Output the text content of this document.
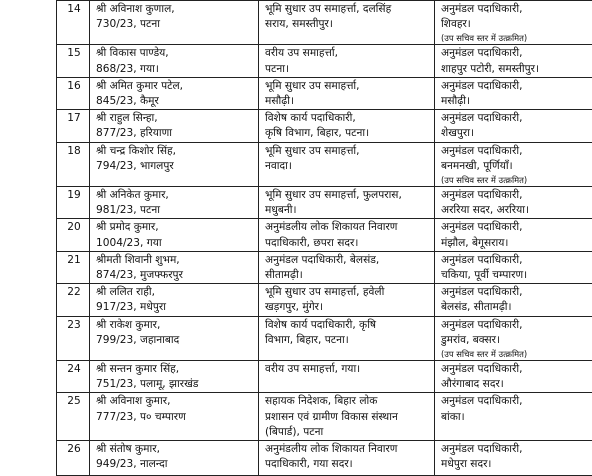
14	श्री अविनाश कुणाल,
730/23, पटना	भूमि सुधार उप समाहर्त्ता, दलसिंह
सराय, समस्तीपुर।	अनुमंडल पदाधिकारी,
शिवहर।
(उप सचिव स्तर में उत्क्रमित)

15	श्री विकास पाण्डेय,
868/23, गया।	वरीय उप समाहर्त्ता,
पटना।	अनुमंडल पदाधिकारी,
शाहपुर पटोरी, समस्तीपुर।

16	श्री अमित कुमार पटेल,
845/23, कैमूर	भूमि सुधार उप समाहर्त्ता,
मसौढ़ी।	अनुमंडल पदाधिकारी,
मसौढ़ी।

17	श्री राहुल सिन्हा,
877/23, हरियाणा	विशेष कार्य पदाधिकारी,
कृषि विभाग, बिहार, पटना।	अनुमंडल पदाधिकारी,
शेखपुरा।

18	श्री चन्द्र किशोर सिंह,
794/23, भागलपुर	भूमि सुधार उप समाहर्त्ता,
नवादा।	अनुमंडल पदाधिकारी,
बनमनखी, पूर्णियाँ।
(उप सचिव स्तर में उत्क्रमित)

19	श्री अनिकेत कुमार,
981/23, पटना	भूमि सुधार उप समाहर्त्ता, फुलपरास,
मधुबनी।	अनुमंडल पदाधिकारी,
अररिया सदर, अररिया।

20	श्री प्रमोद कुमार,
1004/23, गया	अनुमंडलीय लोक शिकायत निवारण
पदाधिकारी, छपरा सदर।	अनुमंडल पदाधिकारी,
मंझौल, बेगूसराय।

21	श्रीमती शिवानी शुभम,
874/23, मुजफ्फरपुर	अनुमंडल पदाधिकारी, बेलसंड,
सीतामढ़ी।	अनुमंडल पदाधिकारी,
चकिया, पूर्वी चम्पारण।

22	श्री ललित राही,
917/23, मधेपुरा	भूमि सुधार उप समाहर्त्ता, हवेली
खड़गपुर, मुंगेर।	अनुमंडल पदाधिकारी,
बेलसंड, सीतामढ़ी।

23	श्री राकेश कुमार,
799/23, जहानाबाद	विशेष कार्य पदाधिकारी, कृषि
विभाग, बिहार, पटना।	अनुमंडल पदाधिकारी,
डुमरांव, बक्सर।
(उप सचिव स्तर में उत्क्रमित)

24	श्री सन्तन कुमार सिंह,
751/23, पलामू, झारखंड	वरीय उप समाहर्त्ता, गया।	अनुमंडल पदाधिकारी,
औरंगाबाद सदर।

25	श्री अविनाश कुमार,
777/23, प० चम्पारण	सहायक निदेशक, बिहार लोक
प्रशासन एवं ग्रामीण विकास संस्थान
(बिपार्ड), पटना	अनुमंडल पदाधिकारी,
बांका।

26	श्री संतोष कुमार,
949/23, नालन्दा	अनुमंडलीय लोक शिकायत निवारण
पदाधिकारी, गया सदर।	अनुमंडल पदाधिकारी,
मधेपुरा सदर।
